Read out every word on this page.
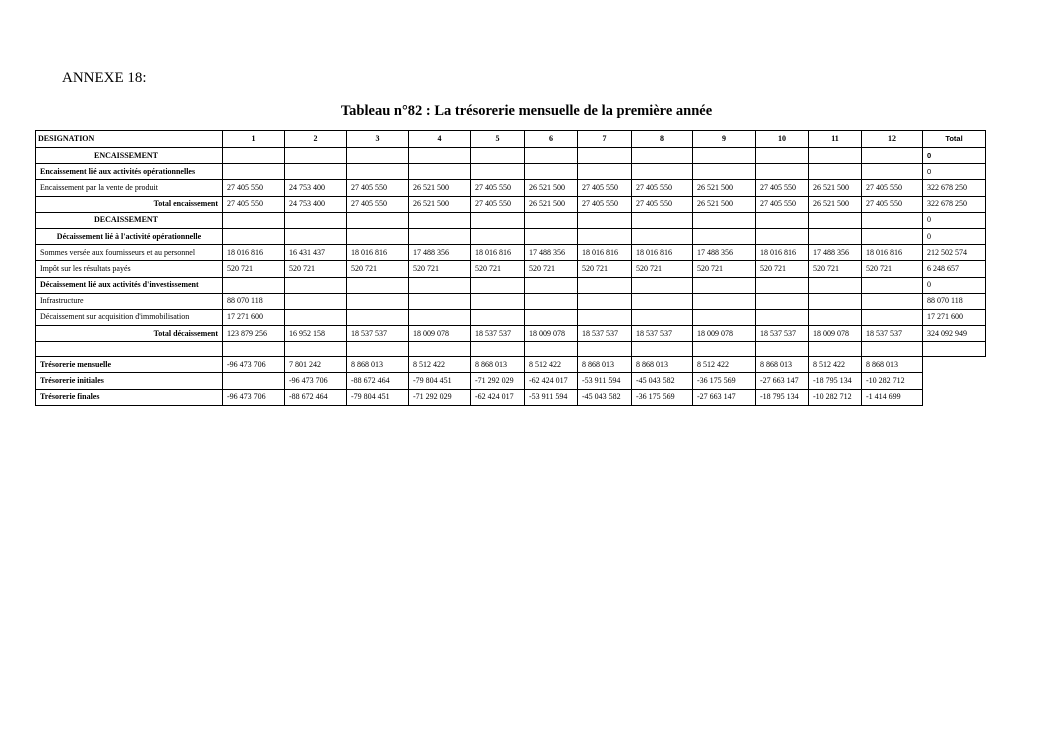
ANNEXE 18:
Tableau n°82 : La trésorerie mensuelle de la première année
DESIGNATION	1	2	3	4	5	6	7	8	9	10	11	12	Total
ENCAISSEMENT													0
Encaissement lié aux activités opérationnelles													0
Encaissement par la vente de produit	27 405 550	24 753 400	27 405 550	26 521 500	27 405 550	26 521 500	27 405 550	27 405 550	26 521 500	27 405 550	26 521 500	27 405 550	322 678 250
Total encaissement	27 405 550	24 753 400	27 405 550	26 521 500	27 405 550	26 521 500	27 405 550	27 405 550	26 521 500	27 405 550	26 521 500	27 405 550	322 678 250
DECAISSEMENT													0
Décaissement lié à l'activité opérationnelle													0
Sommes versée aux fournisseurs et au personnel	18 016 816	16 431 437	18 016 816	17 488 356	18 016 816	17 488 356	18 016 816	18 016 816	17 488 356	18 016 816	17 488 356	18 016 816	212 502 574
Impôt sur les résultats payés	520 721	520 721	520 721	520 721	520 721	520 721	520 721	520 721	520 721	520 721	520 721	520 721	6 248 657
Décaissement lié aux activités d'investissement													0
Infrastructure	88 070 118												88 070 118
Décaissement sur acquisition d'immobilisation	17 271 600												17 271 600
Total décaissement	123 879 256	16 952 158	18 537 537	18 009 078	18 537 537	18 009 078	18 537 537	18 537 537	18 009 078	18 537 537	18 009 078	18 537 537	324 092 949

Trésorerie mensuelle	-96 473 706	7 801 242	8 868 013	8 512 422	8 868 013	8 512 422	8 868 013	8 868 013	8 512 422	8 868 013	8 512 422	8 868 013	
Trésorerie initiales		-96 473 706	-88 672 464	-79 804 451	-71 292 029	-62 424 017	-53 911 594	-45 043 582	-36 175 569	-27 663 147	-18 795 134	-10 282 712	
Trésorerie finales	-96 473 706	-88 672 464	-79 804 451	-71 292 029	-62 424 017	-53 911 594	-45 043 582	-36 175 569	-27 663 147	-18 795 134	-10 282 712	-1 414 699	
